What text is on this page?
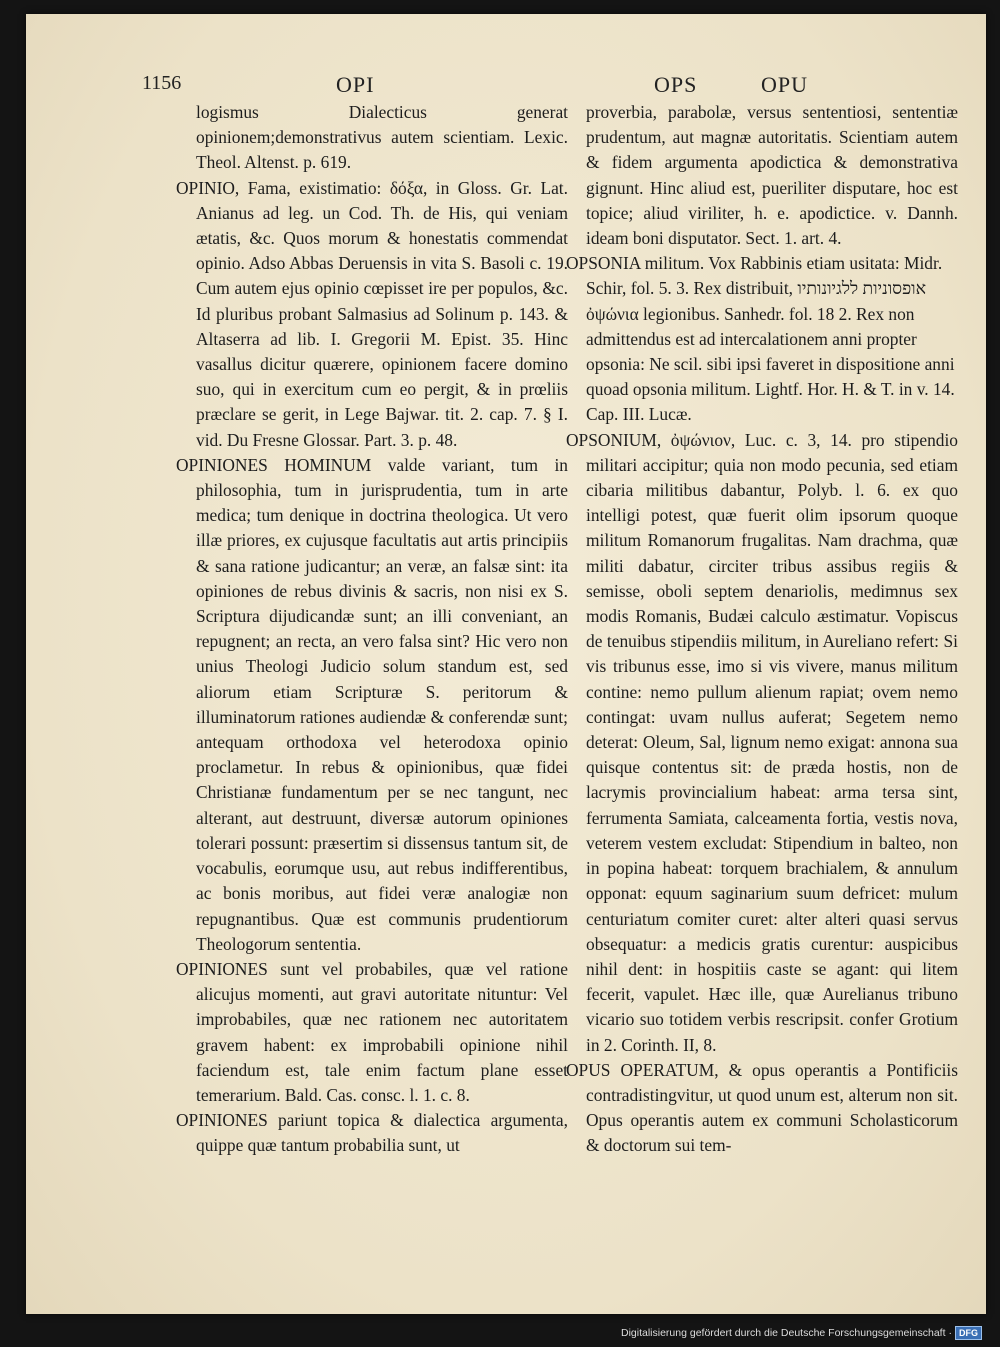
1156	OPI	OPS	OPU

logismus Dialecticus generat opinionem;demonstrativus autem scientiam. Lexic. Theol. Altenst. p. 619.

OPINIO, Fama, existimatio: δόξα, in Gloss. Gr. Lat. Anianus ad leg. un Cod. Th. de His, qui veniam ætatis, &c. Quos morum & honestatis commendat opinio. Adso Abbas Deruensis in vita S. Basoli c. 19. Cum autem ejus opinio cœpisset ire per populos, &c. Id pluribus probant Salmasius ad Solinum p. 143. & Altaserra ad lib. I. Gregorii M. Epist. 35. Hinc vasallus dicitur quærere, opinionem facere domino suo, qui in exercitum cum eo pergit, & in prœliis præclare se gerit, in Lege Bajwar. tit. 2. cap. 7. § I. vid. Du Fresne Glossar. Part. 3. p. 48.

OPINIONES HOMINUM valde variant, tum in philosophia, tum in jurisprudentia, tum in arte medica; tum denique in doctrina theologica. Ut vero illæ priores, ex cujusque facultatis aut artis principiis & sana ratione judicantur; an veræ, an falsæ sint: ita opiniones de rebus divinis & sacris, non nisi ex S. Scriptura dijudicandæ sunt; an illi conveniant, an repugnent; an recta, an vero falsa sint? Hic vero non unius Theologi Judicio solum standum est, sed aliorum etiam Scripturæ S. peritorum & illuminatorum rationes audiendæ & conferendæ sunt; antequam orthodoxa vel heterodoxa opinio proclametur. In rebus & opinionibus, quæ fidei Christianæ fundamentum per se nec tangunt, nec alterant, aut destruunt, diversæ autorum opiniones tolerari possunt: præsertim si dissensus tantum sit, de vocabulis, eorumque usu, aut rebus indifferentibus, ac bonis moribus, aut fidei veræ analogiæ non repugnantibus. Quæ est communis prudentiorum Theologorum sententia.

OPINIONES sunt vel probabiles, quæ vel ratione alicujus momenti, aut gravi autoritate nituntur: Vel improbabiles, quæ nec rationem nec autoritatem gravem habent: ex improbabili opinione nihil faciendum est, tale enim factum plane esset temerarium. Bald. Cas. consc. l. 1. c. 8.

OPINIONES pariunt topica & dialectica argumenta, quippe quæ tantum probabilia sunt, ut

proverbia, parabolæ, versus sententiosi, sententiæ prudentum, aut magnæ autoritatis. Scientiam autem & fidem argumenta apodictica & demonstrativa gignunt. Hinc aliud est, pueriliter disputare, hoc est topice; aliud viriliter, h. e. apodictice. v. Dannh. ideam boni disputator. Sect. 1. art. 4.

OPSONIA militum. Vox Rabbinis etiam usitata: Midr. Schir, fol. 5. 3. Rex distribuit, אופסוניות ללגיונותיו ὀψώνια legionibus. Sanhedr. fol. 18 2. Rex non admittendus est ad intercalationem anni propter opsonia: Ne scil. sibi ipsi faveret in dispositione anni quoad opsonia militum. Lightf. Hor. H. & T. in v. 14. Cap. III. Lucæ.

OPSONIUM, ὀψώνιον, Luc. c. 3, 14. pro stipendio militari accipitur; quia non modo pecunia, sed etiam cibaria militibus dabantur, Polyb. l. 6. ex quo intelligi potest, quæ fuerit olim ipsorum quoque militum Romanorum frugalitas. Nam drachma, quæ militi dabatur, circiter tribus assibus regiis & semisse, oboli septem denariolis, medimnus sex modis Romanis, Budæi calculo æstimatur. Vopiscus de tenuibus stipendiis militum, in Aureliano refert: Si vis tribunus esse, imo si vis vivere, manus militum contine: nemo pullum alienum rapiat; ovem nemo contingat: uvam nullus auferat; Segetem nemo deterat: Oleum, Sal, lignum nemo exigat: annona sua quisque contentus sit: de præda hostis, non de lacrymis provincialium habeat: arma tersa sint, ferrumenta Samiata, calceamenta fortia, vestis nova, veterem vestem excludat: Stipendium in balteo, non in popina habeat: torquem brachialem, & annulum opponat: equum saginarium suum defricet: mulum centuriatum comiter curet: alter alteri quasi servus obsequatur: a medicis gratis curentur: auspicibus nihil dent: in hospitiis caste se agant: qui litem fecerit, vapulet. Hæc ille, quæ Aurelianus tribuno vicario suo totidem verbis rescripsit. confer Grotium in 2. Corinth. II, 8.

OPUS OPERATUM, & opus operantis a Pontificiis contradistingvitur, ut quod unum est, alterum non sit. Opus operantis autem ex communi Scholasticorum & doctorum sui tem-

Digitalisierung gefördert durch die Deutsche Forschungsgemeinschaft · DFG
